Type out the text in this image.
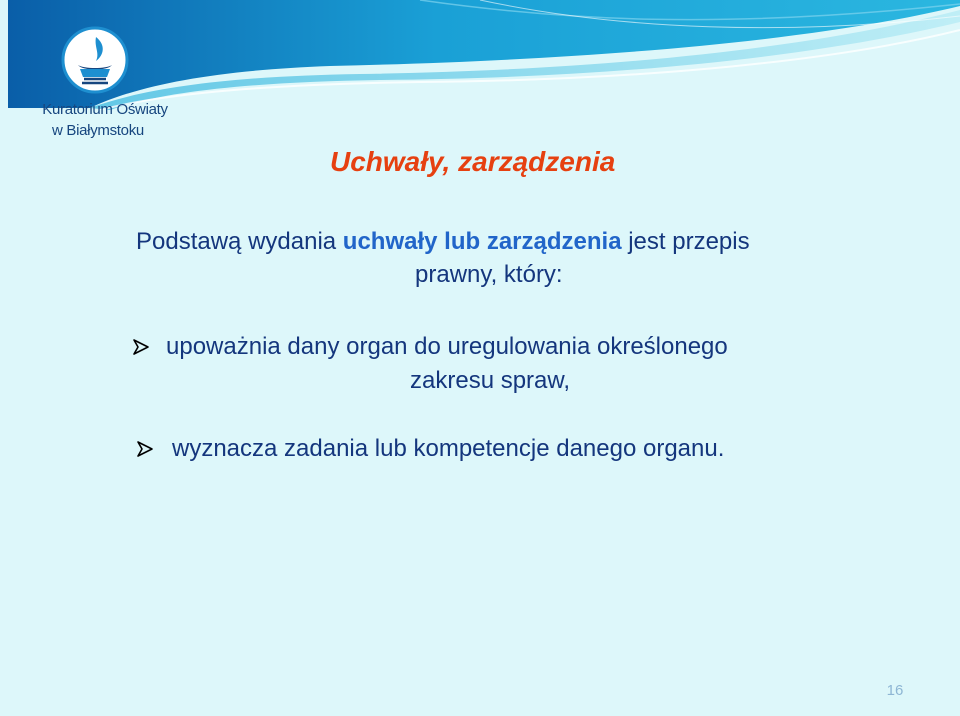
Kuratorium Oświaty
w Białymstoku
Uchwały, zarządzenia
Podstawą wydania uchwały lub zarządzenia jest przepis
prawny, który:
upoważnia dany organ do uregulowania określonego
zakresu spraw,
wyznacza zadania lub kompetencje danego organu.
16
